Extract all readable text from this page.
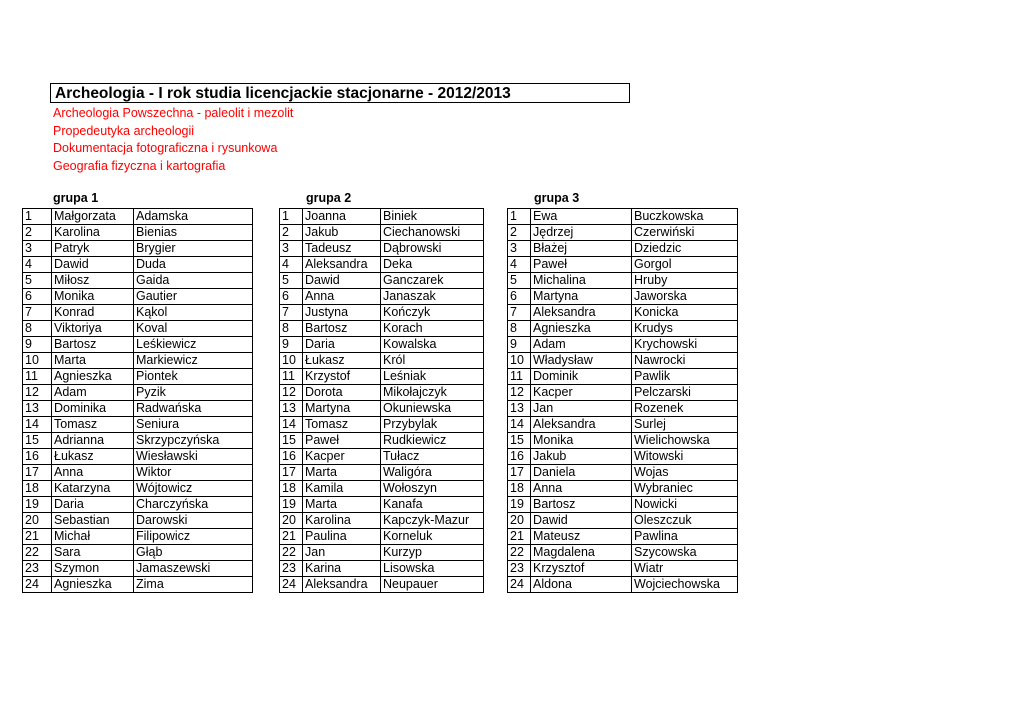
Archeologia - I rok studia licencjackie stacjonarne - 2012/2013
Archeologia Powszechna - paleolit i mezolit
Propedeutyka archeologii
Dokumentacja fotograficzna i rysunkowa
Geografia fizyczna i kartografia
grupa 1	grupa 2	grupa 3
1	Małgorzata	Adamska
2	Karolina	Bienias
3	Patryk	Brygier
4	Dawid	Duda
5	Miłosz	Gaida
6	Monika	Gautier
7	Konrad	Kąkol
8	Viktoriya	Koval
9	Bartosz	Leśkiewicz
10	Marta	Markiewicz
11	Agnieszka	Piontek
12	Adam	Pyzik
13	Dominika	Radwańska
14	Tomasz	Seniura
15	Adrianna	Skrzypczyńska
16	Łukasz	Wiesławski
17	Anna	Wiktor
18	Katarzyna	Wójtowicz
19	Daria	Charczyńska
20	Sebastian	Darowski
21	Michał	Filipowicz
22	Sara	Głąb
23	Szymon	Jamaszewski
24	Agnieszka	Zima
1	Joanna	Biniek
2	Jakub	Ciechanowski
3	Tadeusz	Dąbrowski
4	Aleksandra	Deka
5	Dawid	Ganczarek
6	Anna	Janaszak
7	Justyna	Kończyk
8	Bartosz	Korach
9	Daria	Kowalska
10	Łukasz	Król
11	Krzystof	Leśniak
12	Dorota	Mikołajczyk
13	Martyna	Okuniewska
14	Tomasz	Przybylak
15	Paweł	Rudkiewicz
16	Kacper	Tułacz
17	Marta	Waligóra
18	Kamila	Wołoszyn
19	Marta	Kanafa
20	Karolina	Kapczyk-Mazur
21	Paulina	Korneluk
22	Jan	Kurzyp
23	Karina	Lisowska
24	Aleksandra	Neupauer
1	Ewa	Buczkowska
2	Jędrzej	Czerwiński
3	Błażej	Dziedzic
4	Paweł	Gorgol
5	Michalina	Hruby
6	Martyna	Jaworska
7	Aleksandra	Konicka
8	Agnieszka	Krudys
9	Adam	Krychowski
10	Władysław	Nawrocki
11	Dominik	Pawlik
12	Kacper	Pelczarski
13	Jan	Rozenek
14	Aleksandra	Surlej
15	Monika	Wielichowska
16	Jakub	Witowski
17	Daniela	Wojas
18	Anna	Wybraniec
19	Bartosz	Nowicki
20	Dawid	Oleszczuk
21	Mateusz	Pawlina
22	Magdalena	Szycowska
23	Krzysztof	Wiatr
24	Aldona	Wojciechowska
